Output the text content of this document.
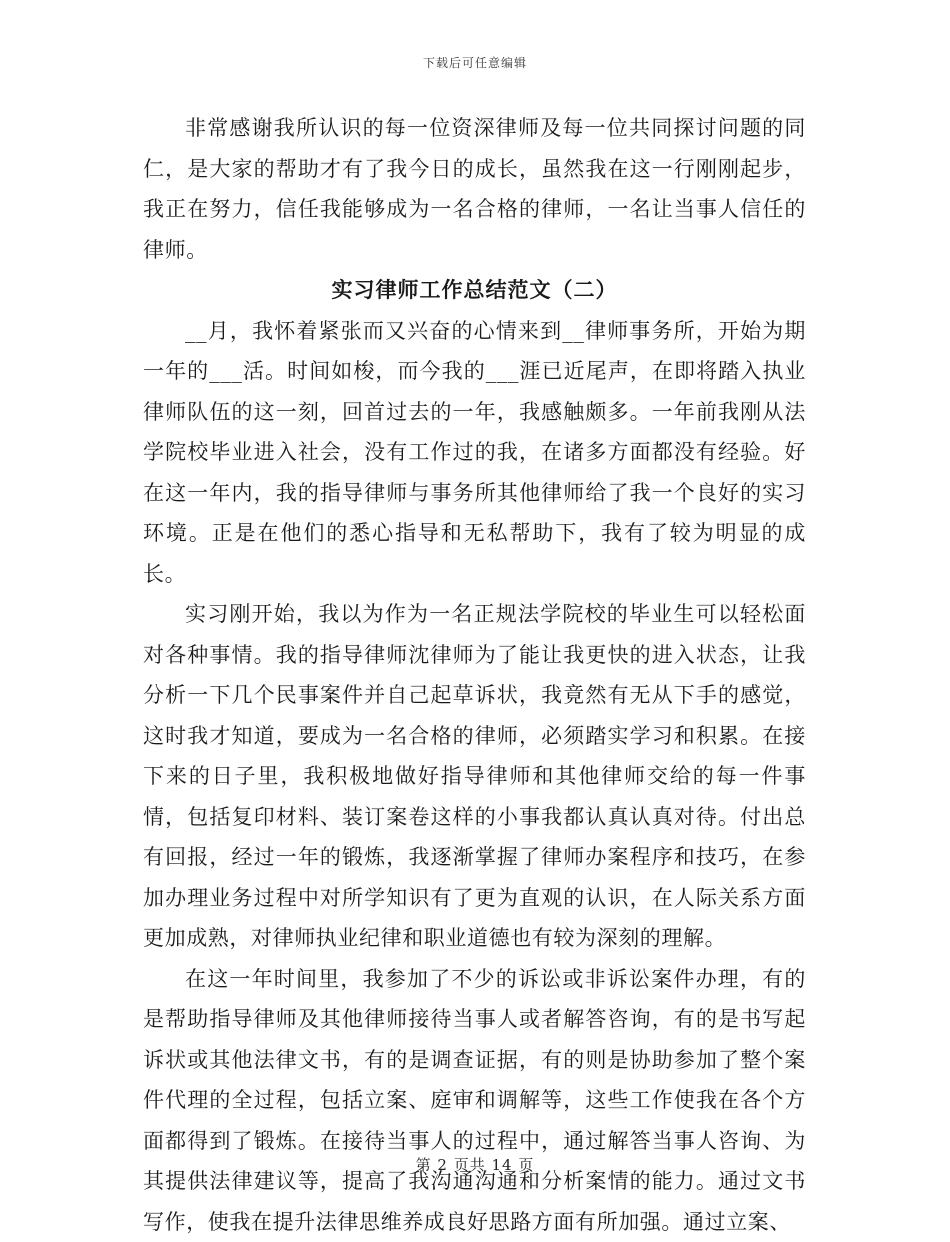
下载后可任意编辑

非常感谢我所认识的每一位资深律师及每一位共同探讨问题的同仁，是大家的帮助才有了我今日的成长，虽然我在这一行刚刚起步，我正在努力，信任我能够成为一名合格的律师，一名让当事人信任的律师。

实习律师工作总结范文（二）

__月，我怀着紧张而又兴奋的心情来到__律师事务所，开始为期一年的___活。时间如梭，而今我的___涯已近尾声，在即将踏入执业律师队伍的这一刻，回首过去的一年，我感触颇多。一年前我刚从法学院校毕业进入社会，没有工作过的我，在诸多方面都没有经验。好在这一年内，我的指导律师与事务所其他律师给了我一个良好的实习环境。正是在他们的悉心指导和无私帮助下，我有了较为明显的成长。

实习刚开始，我以为作为一名正规法学院校的毕业生可以轻松面对各种事情。我的指导律师沈律师为了能让我更快的进入状态，让我分析一下几个民事案件并自己起草诉状，我竟然有无从下手的感觉，这时我才知道，要成为一名合格的律师，必须踏实学习和积累。在接下来的日子里，我积极地做好指导律师和其他律师交给的每一件事情，包括复印材料、装订案卷这样的小事我都认真认真对待。付出总有回报，经过一年的锻炼，我逐渐掌握了律师办案程序和技巧，在参加办理业务过程中对所学知识有了更为直观的认识，在人际关系方面更加成熟，对律师执业纪律和职业道德也有较为深刻的理解。

在这一年时间里，我参加了不少的诉讼或非诉讼案件办理，有的是帮助指导律师及其他律师接待当事人或者解答咨询，有的是书写起诉状或其他法律文书，有的是调查证据，有的则是协助参加了整个案件代理的全过程，包括立案、庭审和调解等，这些工作使我在各个方面都得到了锻炼。在接待当事人的过程中，通过解答当事人咨询、为其提供法律建议等，提高了我沟通沟通和分析案情的能力。通过文书写作，使我在提升法律思维养成良好思路方面有所加强。通过立案、

第 2 页共 14 页
